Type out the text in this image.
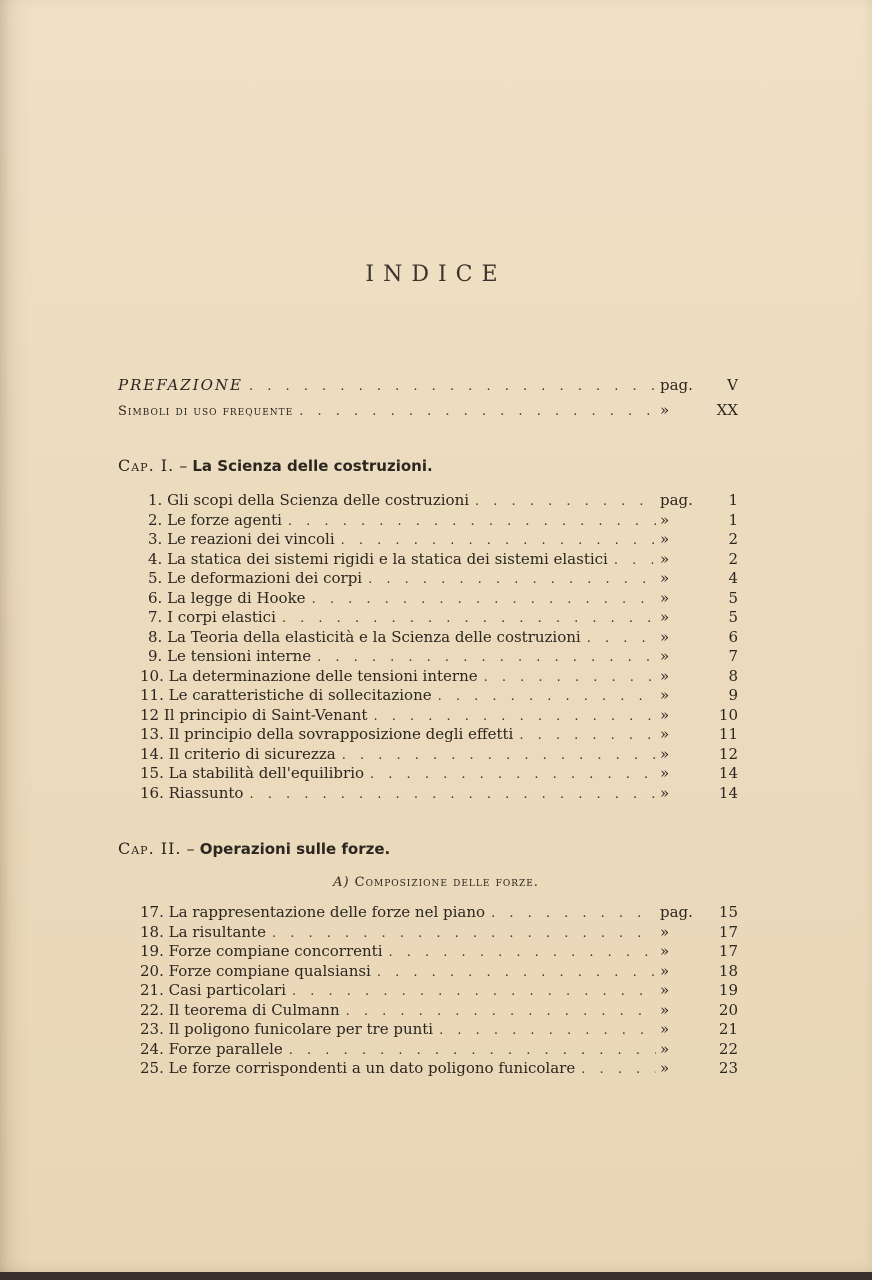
INDICE
PREFAZIONE . . .	pag.	V
Simboli di uso frequente . . .	»	XX
Cap. I. – La Scienza delle costruzioni.
1. Gli scopi della Scienza delle costruzioni . . .	pag.	1
2. Le forze agenti . . .	»	1
3. Le reazioni dei vincoli . . .	»	2
4. La statica dei sistemi rigidi e la statica dei sistemi elastici . . .	»	2
5. Le deformazioni dei corpi . . .	»	4
6. La legge di Hooke . . .	»	5
7. I corpi elastici . . .	»	5
8. La Teoria della elasticità e la Scienza delle costruzioni . . .	»	6
9. Le tensioni interne . . .	»	7
10. La determinazione delle tensioni interne . . .	»	8
11. Le caratteristiche di sollecitazione . . .	»	9
12 Il principio di Saint-Venant . . .	»	10
13. Il principio della sovrapposizione degli effetti . . .	»	11
14. Il criterio di sicurezza . . .	»	12
15. La stabilità dell'equilibrio . . .	»	14
16. Riassunto . . .	»	14
Cap. II. – Operazioni sulle forze.
A) Composizione delle forze.
17. La rappresentazione delle forze nel piano . . .	pag.	15
18. La risultante . . .	»	17
19. Forze compiane concorrenti . . .	»	17
20. Forze compiane qualsiansi . . .	»	18
21. Casi particolari . . .	»	19
22. Il teorema di Culmann . . .	»	20
23. Il poligono funicolare per tre punti . . .	»	21
24. Forze parallele . . .	»	22
25. Le forze corrispondenti a un dato poligono funicolare . . .	»	23
